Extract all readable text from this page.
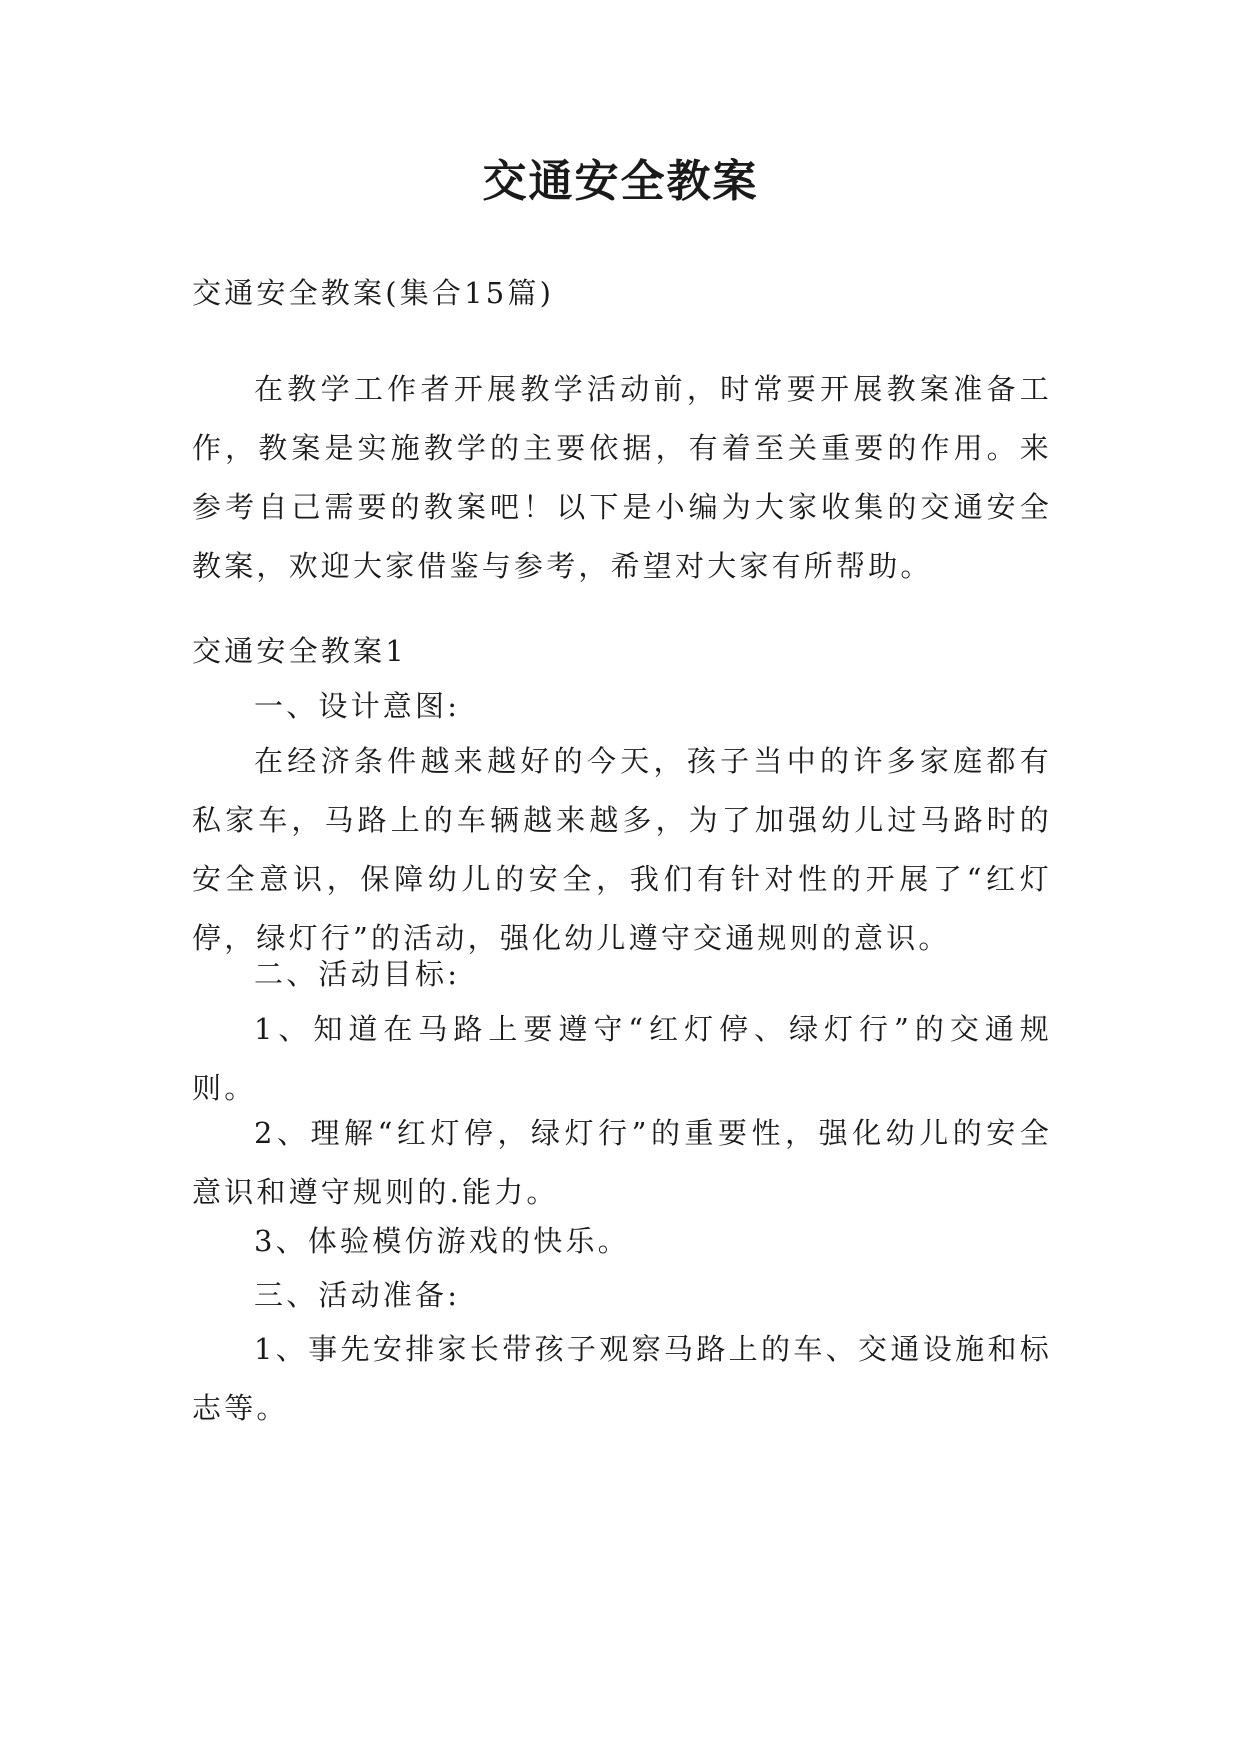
交通安全教案

交通安全教案(集合15篇)

在教学工作者开展教学活动前，时常要开展教案准备工作，教案是实施教学的主要依据，有着至关重要的作用。来参考自己需要的教案吧！以下是小编为大家收集的交通安全教案，欢迎大家借鉴与参考，希望对大家有所帮助。

交通安全教案1

一、设计意图:

在经济条件越来越好的今天，孩子当中的许多家庭都有私家车，马路上的车辆越来越多，为了加强幼儿过马路时的安全意识，保障幼儿的安全，我们有针对性的开展了“红灯停，绿灯行”的活动，强化幼儿遵守交通规则的意识。

二、活动目标:

1、知道在马路上要遵守“红灯停、绿灯行”的交通规则。

2、理解“红灯停，绿灯行”的重要性，强化幼儿的安全意识和遵守规则的.能力。

3、体验模仿游戏的快乐。

三、活动准备:

1、事先安排家长带孩子观察马路上的车、交通设施和标志等。
